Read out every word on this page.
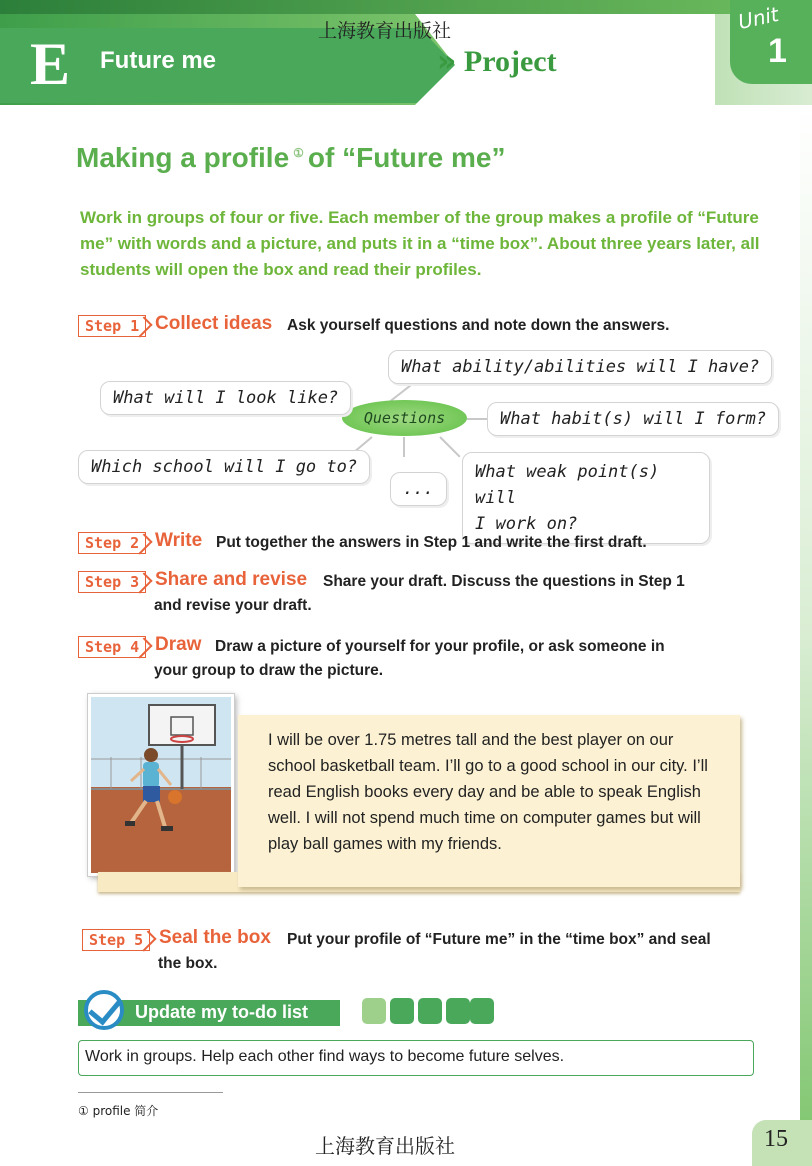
E Future me	» Project
上海教育出版社	Unit
1
Making a profile ① of “Future me”
Work in groups of four or five. Each member of the group makes a profile of “Future me” with words and a picture, and puts it in a “time box”. About three years later, all students will open the box and read their profiles.
Step 1 Collect ideas Ask yourself questions and note down the answers.
Questions
What ability/abilities will I have?
What will I look like?
What habit(s) will I form?
Which school will I go to?	What weak point(s) will
I work on?
...
Step 2 Write Put together the answers in Step 1 and write the first draft.
Step 3 Share and revise Share your draft. Discuss the questions in Step 1
and revise your draft.
Step 4 Draw Draw a picture of yourself for your profile, or ask someone in
your group to draw the picture.
I will be over 1.75 metres tall and the best player on our school basketball team. I’ll go to a good school in our city. I’ll read English books every day and be able to speak English well. I will not spend much time on computer games but will play ball games with my friends.
Step 5 Seal the box Put your profile of “Future me” in the “time box” and seal
the box.
Update my to-do list
Work in groups. Help each other find ways to become future selves.
① profile 简介
上海教育出版社	15
